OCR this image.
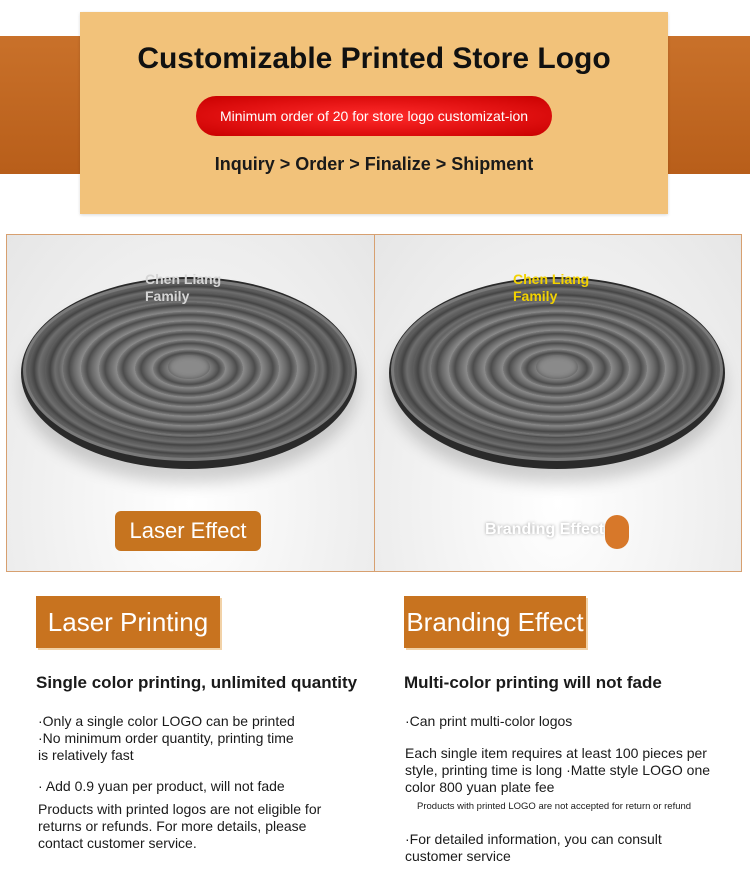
Customizable Printed Store Logo
Minimum order of 20 for store logo customizat-ion
Inquiry > Order > Finalize > Shipment
Chen Liang
Family
Laser Effect
Chen Liang
Family
Branding Effect
Laser Printing	Branding Effect
Single color printing, unlimited quantity	Multi-color printing will not fade
·Only a single color LOGO can be printed ·No minimum order quantity, printing time is relatively fast
· Add 0.9 yuan per product, will not fade
Products with printed logos are not eligible for returns or refunds. For more details, please contact customer service.
·Can print multi-color logos
Each single item requires at least 100 pieces per style, printing time is long ·Matte style LOGO one color 800 yuan plate fee
Products with printed LOGO are not accepted for return or refund
·For detailed information, you can consult customer service
